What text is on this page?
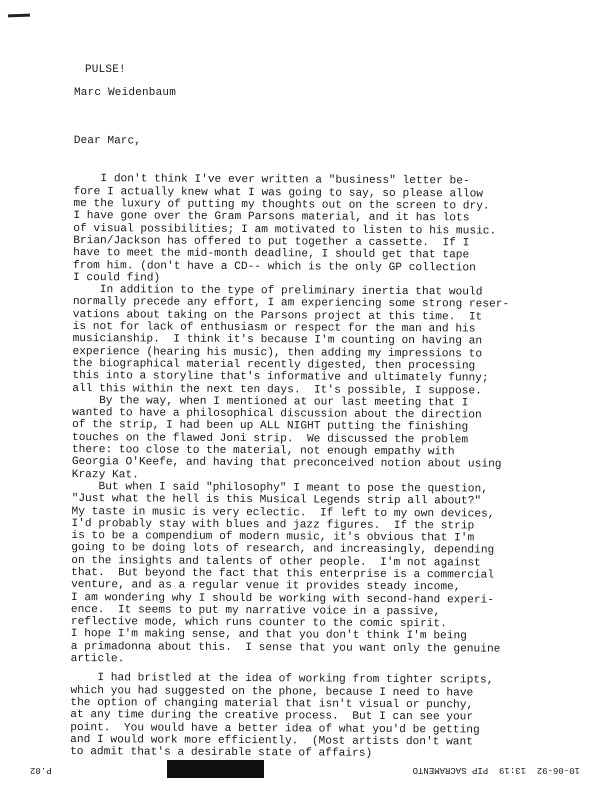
PULSE!
Marc Weidenbaum

Dear Marc,

I don't think I've ever written a "business" letter be-
fore I actually knew what I was going to say, so please allow
me the luxury of putting my thoughts out on the screen to dry.
I have gone over the Gram Parsons material, and it has lots
of visual possibilities; I am motivated to listen to his music.
Brian/Jackson has offered to put together a cassette.  If I
have to meet the mid-month deadline, I should get that tape
from him. (don't have a CD-- which is the only GP collection
I could find)
In addition to the type of preliminary inertia that would
normally precede any effort, I am experiencing some strong reser-
vations about taking on the Parsons project at this time.  It
is not for lack of enthusiasm or respect for the man and his
musicianship.  I think it's because I'm counting on having an
experience (hearing his music), then adding my impressions to
the biographical material recently digested, then processing
this into a storyline that's informative and ultimately funny;
all this within the next ten days.  It's possible, I suppose.
By the way, when I mentioned at our last meeting that I
wanted to have a philosophical discussion about the direction
of the strip, I had been up ALL NIGHT putting the finishing
touches on the flawed Joni strip.  We discussed the problem
there: too close to the material, not enough empathy with
Georgia O'Keefe, and having that preconceived notion about using
Krazy Kat.
But when I said "philosophy" I meant to pose the question,
"Just what the hell is this Musical Legends strip all about?"
My taste in music is very eclectic.  If left to my own devices,
I'd probably stay with blues and jazz figures.  If the strip
is to be a compendium of modern music, it's obvious that I'm
going to be doing lots of research, and increasingly, depending
on the insights and talents of other people.  I'm not against
that.  But beyond the fact that this enterprise is a commercial
venture, and as a regular venue it provides steady income,
I am wondering why I should be working with second-hand experi-
ence.  It seems to put my narrative voice in a passive,
reflective mode, which runs counter to the comic spirit.
I hope I'm making sense, and that you don't think I'm being
a primadonna about this.  I sense that you want only the genuine
article.
I had bristled at the idea of working from tighter scripts,
which you had suggested on the phone, because I need to have
the option of changing material that isn't visual or punchy,
at any time during the creative process.  But I can see your
point.  You would have a better idea of what you'd be getting
and I would work more efficiently.  (Most artists don't want
to admit that's a desirable state of affairs)
P.02	10-06-92  13:19  PIP SACRAMENTO
